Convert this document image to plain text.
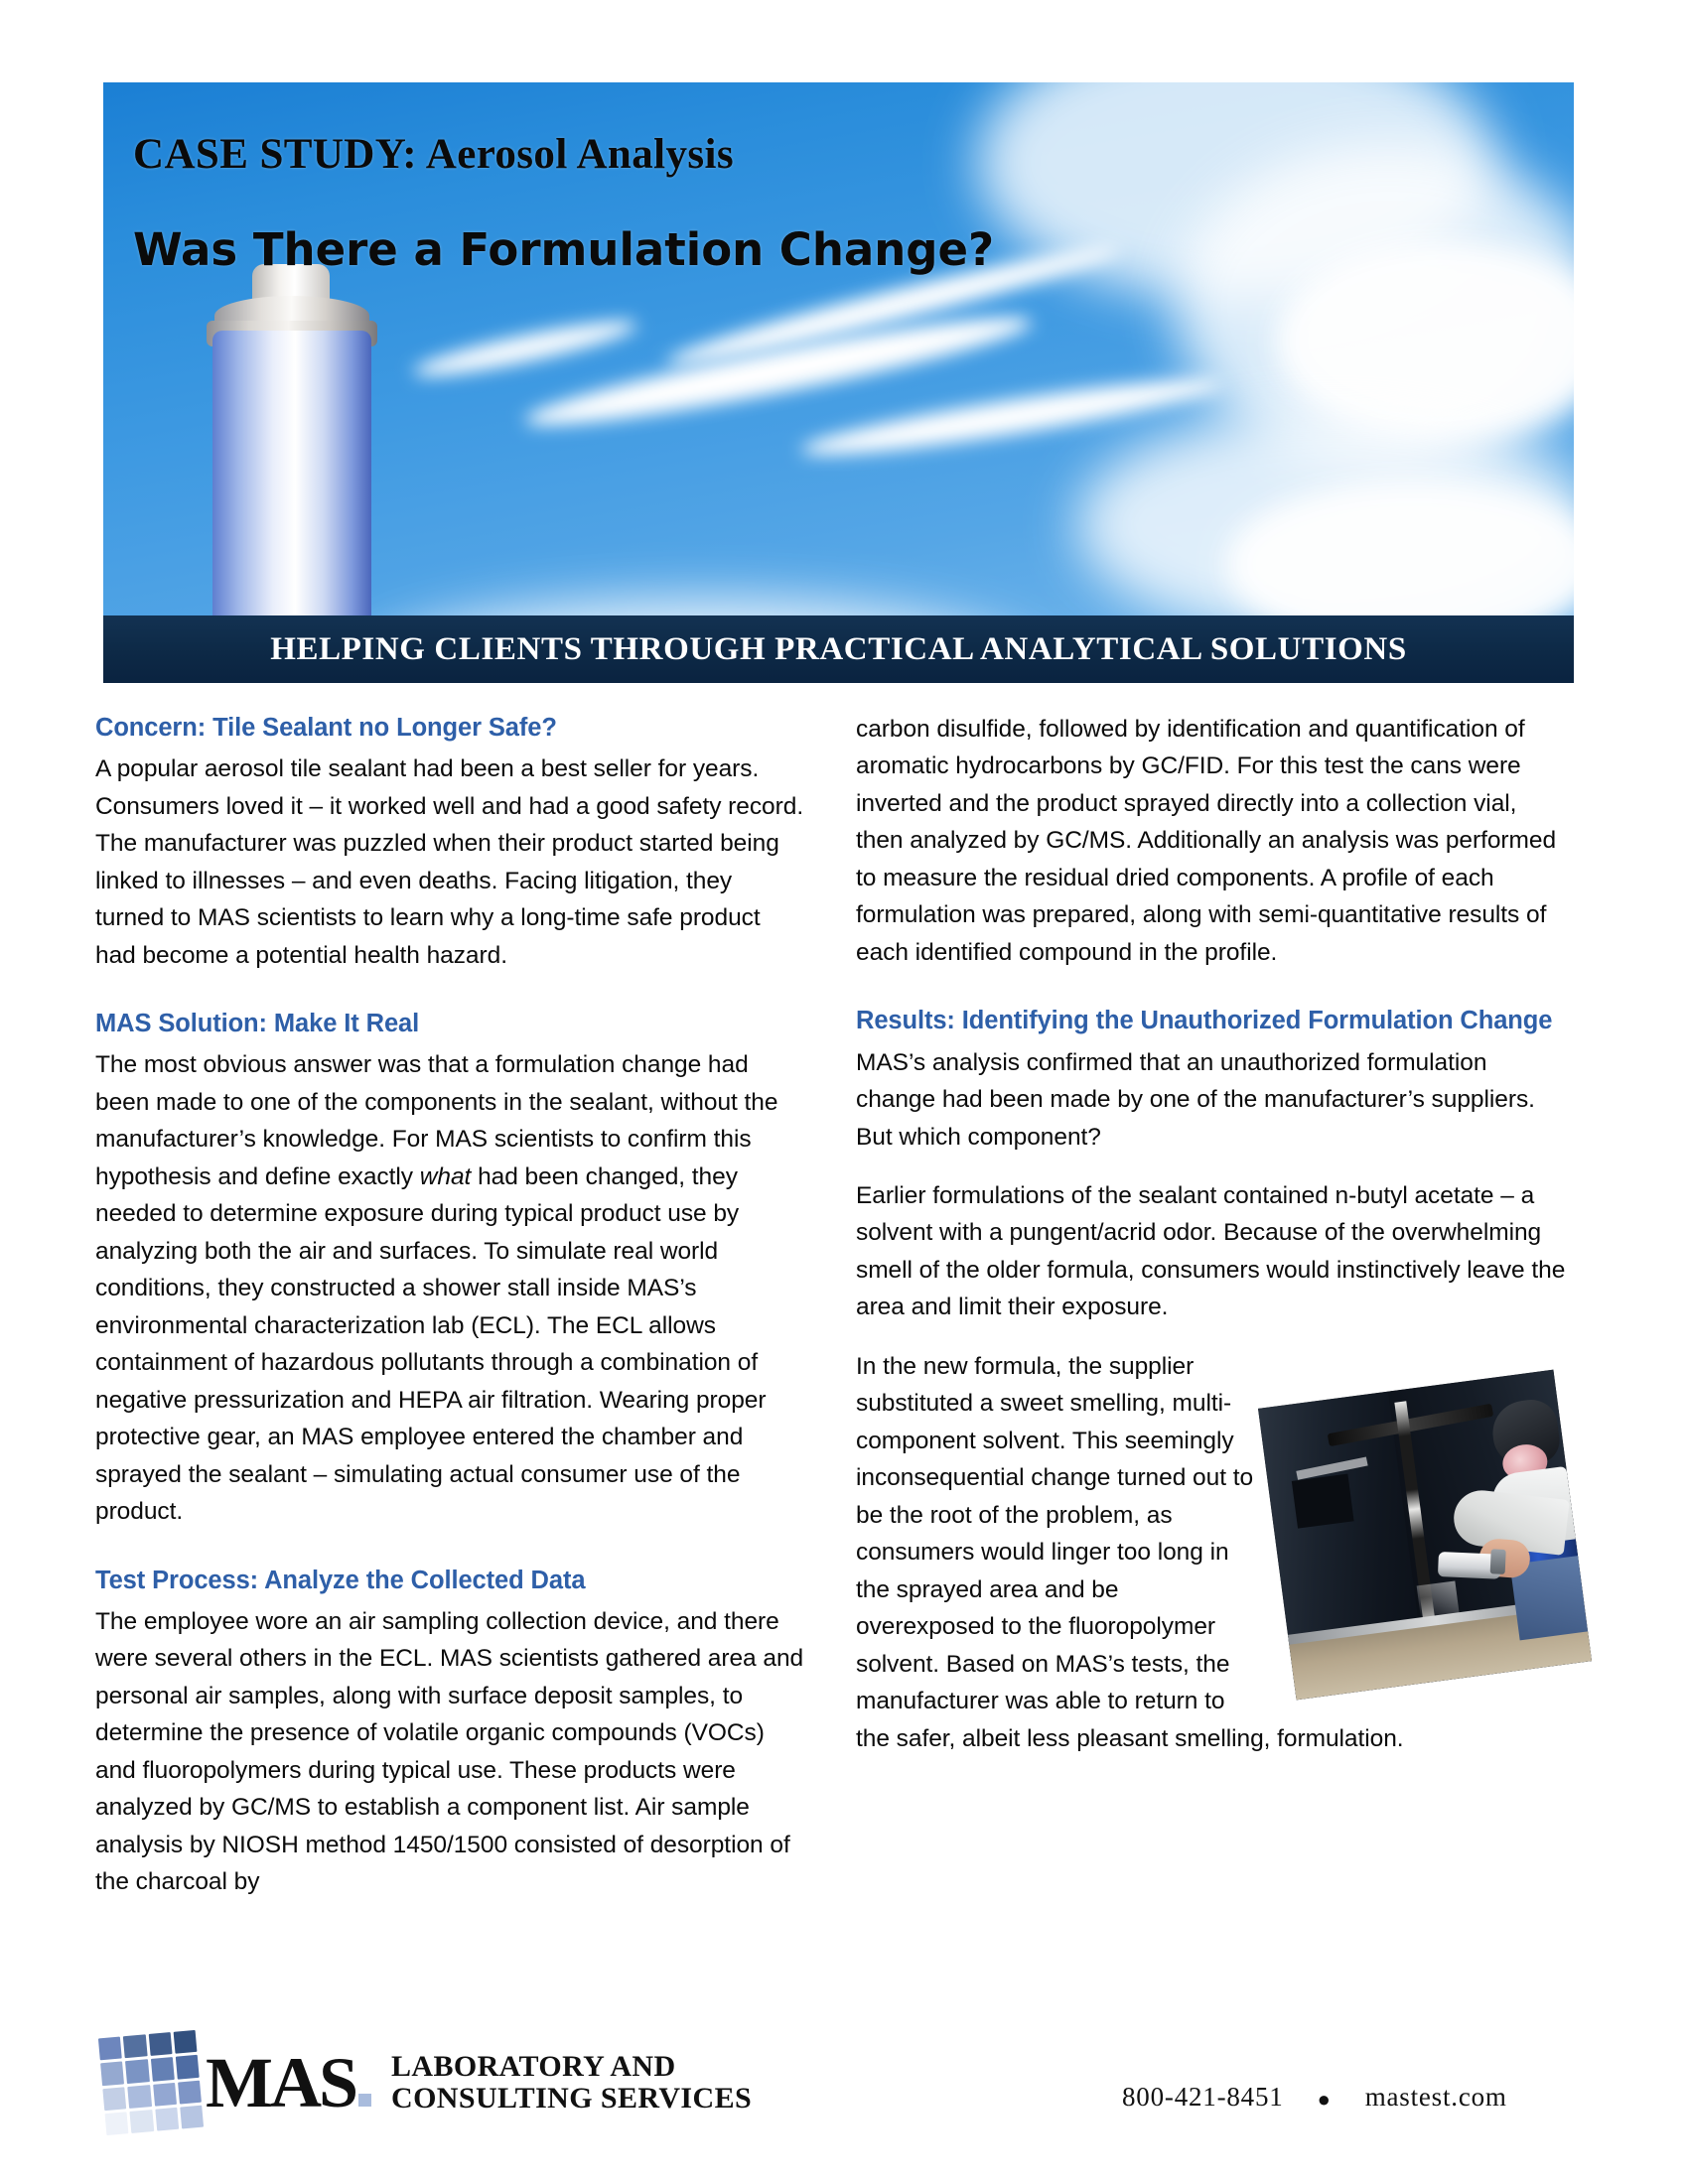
CASE STUDY: Aerosol Analysis
Was There a Formulation Change?
HELPING CLIENTS THROUGH PRACTICAL ANALYTICAL SOLUTIONS
Concern: Tile Sealant no Longer Safe?

A popular aerosol tile sealant had been a best seller for years. Consumers loved it – it worked well and had a good safety record. The manufacturer was puzzled when their product started being linked to illnesses – and even deaths. Facing litigation, they turned to MAS scientists to learn why a long-time safe product had become a potential health hazard.

MAS Solution: Make It Real

The most obvious answer was that a formulation change had been made to one of the components in the sealant, without the manufacturer’s knowledge. For MAS scientists to confirm this hypothesis and define exactly what had been changed, they needed to determine exposure during typical product use by analyzing both the air and surfaces. To simulate real world conditions, they constructed a shower stall inside MAS’s environmental characterization lab (ECL). The ECL allows containment of hazardous pollutants through a combination of negative pressurization and HEPA air filtration. Wearing proper protective gear, an MAS employee entered the chamber and sprayed the sealant – simulating actual consumer use of the product.

Test Process: Analyze the Collected Data

The employee wore an air sampling collection device, and there were several others in the ECL. MAS scientists gathered area and personal air samples, along with surface deposit samples, to determine the presence of volatile organic compounds (VOCs) and fluoropolymers during typical use. These products were analyzed by GC/MS to establish a component list. Air sample analysis by NIOSH method 1450/1500 consisted of desorption of the charcoal by

carbon disulfide, followed by identification and quantification of aromatic hydrocarbons by GC/FID. For this test the cans were inverted and the product sprayed directly into a collection vial, then analyzed by GC/MS. Additionally an analysis was performed to measure the residual dried components. A profile of each formulation was prepared, along with semi-quantitative results of each identified compound in the profile.

Results: Identifying the Unauthorized Formulation Change

MAS’s analysis confirmed that an unauthorized formulation change had been made by one of the manufacturer’s suppliers. But which component?

Earlier formulations of the sealant contained n-butyl acetate – a solvent with a pungent/acrid odor. Because of the overwhelming smell of the older formula, consumers would instinctively leave the area and limit their exposure.

In the new formula, the supplier substituted a sweet smelling, multi-component solvent. This seemingly inconsequential change turned out to be the root of the problem, as consumers would linger too long in the sprayed area and be overexposed to the fluoropolymer solvent. Based on MAS’s tests, the manufacturer was able to return to the safer, albeit less pleasant smelling, formulation.

MAS	LABORATORY AND
CONSULTING SERVICES	800-421-8451 ● mastest.com
